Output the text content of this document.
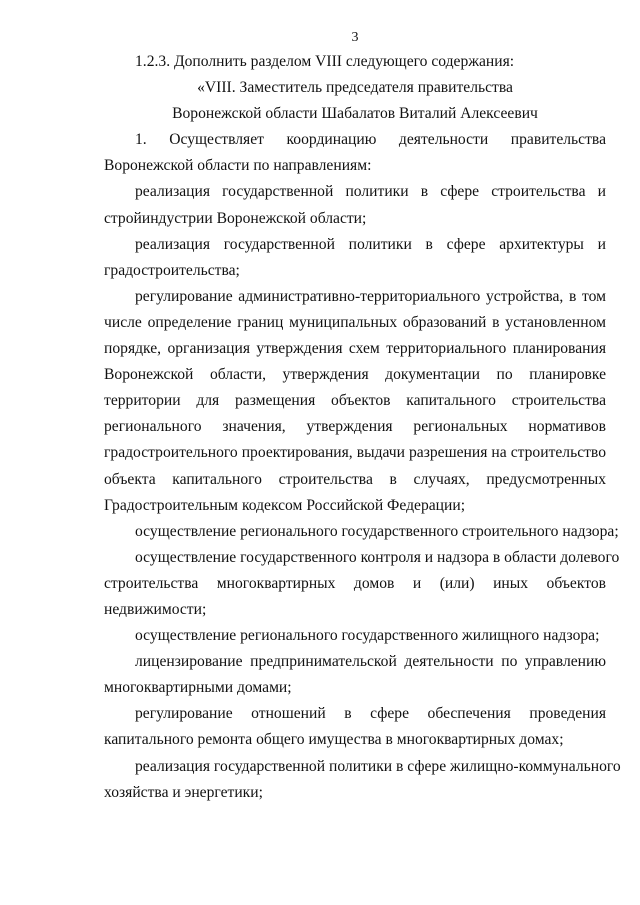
3
1.2.3. Дополнить разделом VIII следующего содержания:
«VIII. Заместитель председателя правительства
Воронежской области Шабалатов Виталий Алексеевич
1. Осуществляет координацию деятельности правительства
Воронежской области по направлениям:
реализация государственной политики в сфере строительства и
стройиндустрии Воронежской области;
реализация государственной политики в сфере архитектуры и
градостроительства;
регулирование административно-территориального устройства, в том
числе определение границ муниципальных образований в установленном
порядке, организация утверждения схем территориального планирования
Воронежской области, утверждения документации по планировке
территории для размещения объектов капитального строительства
регионального значения, утверждения региональных нормативов
градостроительного проектирования, выдачи разрешения на строительство
объекта капитального строительства в случаях, предусмотренных
Градостроительным кодексом Российской Федерации;
осуществление регионального государственного строительного надзора;
осуществление государственного контроля и надзора в области долевого
строительства многоквартирных домов и (или) иных объектов
недвижимости;
осуществление регионального государственного жилищного надзора;
лицензирование предпринимательской деятельности по управлению
многоквартирными домами;
регулирование отношений в сфере обеспечения проведения
капитального ремонта общего имущества в многоквартирных домах;
реализация государственной политики в сфере жилищно-коммунального
хозяйства и энергетики;
